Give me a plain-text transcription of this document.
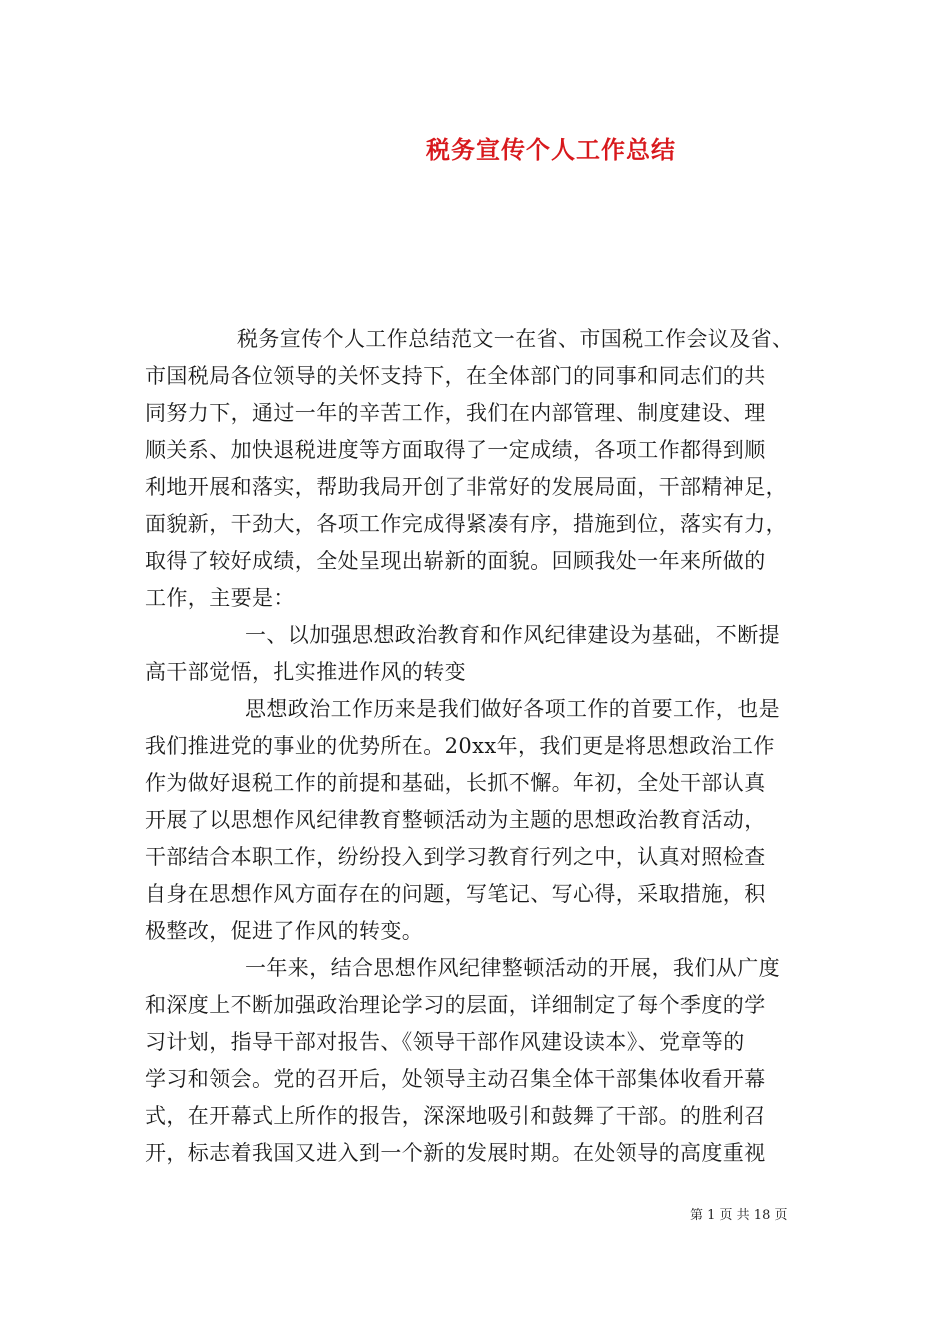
税务宣传个人工作总结
税务宣传个人工作总结范文一在省、市国税工作会议及省、
市国税局各位领导的关怀支持下，在全体部门的同事和同志们的共
同努力下，通过一年的辛苦工作，我们在内部管理、制度建设、理
顺关系、加快退税进度等方面取得了一定成绩，各项工作都得到顺
利地开展和落实，帮助我局开创了非常好的发展局面，干部精神足，
面貌新，干劲大，各项工作完成得紧凑有序，措施到位，落实有力，
取得了较好成绩，全处呈现出崭新的面貌。回顾我处一年来所做的
工作，主要是：
一、以加强思想政治教育和作风纪律建设为基础，不断提
高干部觉悟，扎实推进作风的转变
思想政治工作历来是我们做好各项工作的首要工作，也是
我们推进党的事业的优势所在。20xx年，我们更是将思想政治工作
作为做好退税工作的前提和基础，长抓不懈。年初，全处干部认真
开展了以思想作风纪律教育整顿活动为主题的思想政治教育活动，
干部结合本职工作，纷纷投入到学习教育行列之中，认真对照检查
自身在思想作风方面存在的问题，写笔记、写心得，采取措施，积
极整改，促进了作风的转变。
一年来，结合思想作风纪律整顿活动的开展，我们从广度
和深度上不断加强政治理论学习的层面，详细制定了每个季度的学
习计划，指导干部对报告、《领导干部作风建设读本》、党章等的
学习和领会。党的召开后，处领导主动召集全体干部集体收看开幕
式，在开幕式上所作的报告，深深地吸引和鼓舞了干部。的胜利召
开，标志着我国又进入到一个新的发展时期。在处领导的高度重视
第 1 页 共 18 页
